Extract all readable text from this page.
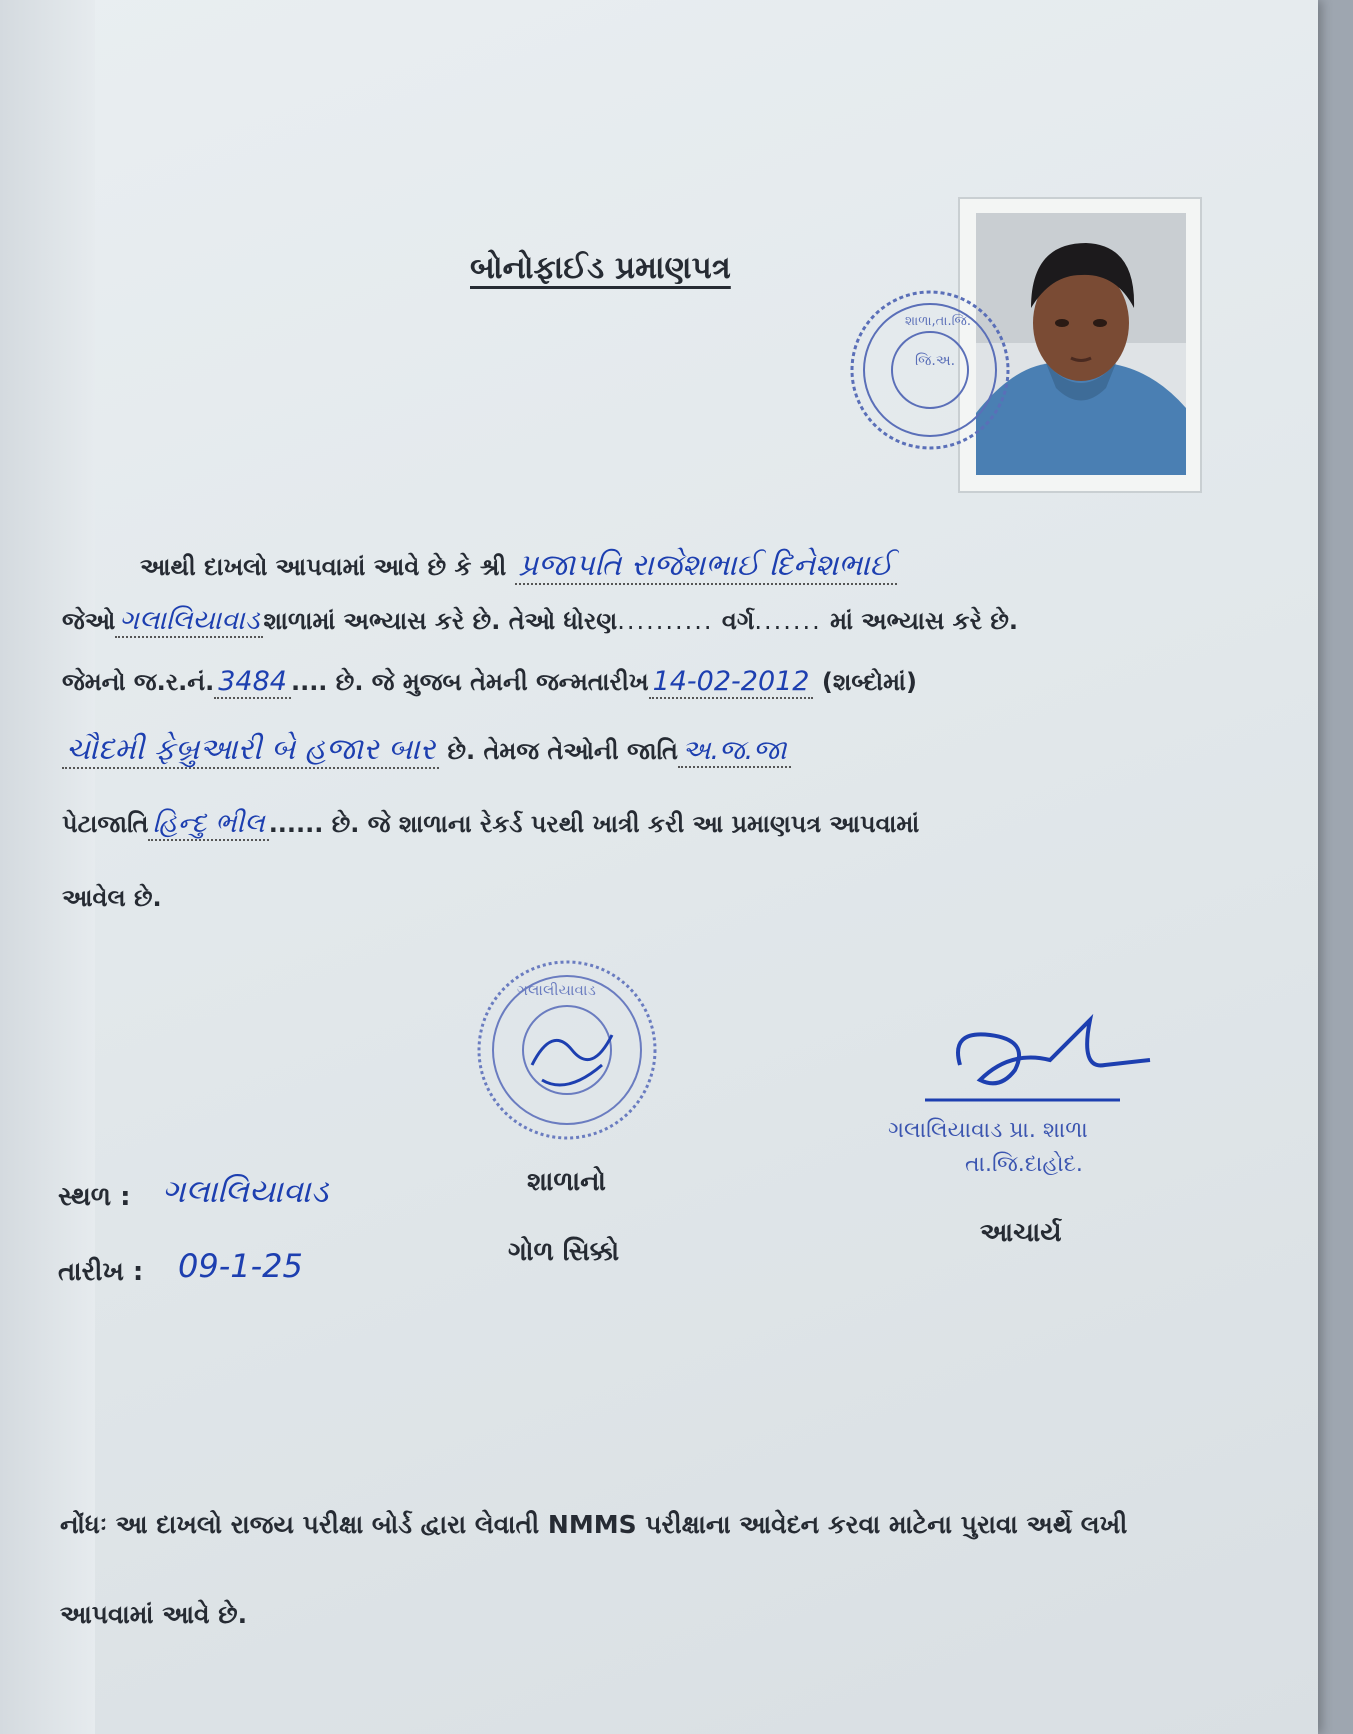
બોનોફાઈડ પ્રમાણપત્ર
જિ.અ.
શાળા,તા.જિ.
આથી દાખલો આપવામાં આવે છે કે શ્રી પ્રજાપતિ રાજેશભાઈ દિનેશભાઈ
જેઓ ગલાલિયાવાડ શાળામાં અભ્યાસ કરે છે. તેઓ ધોરણ.......... વર્ગ....... માં અભ્યાસ કરે છે.
જેમનો જ.ર.નં. 3484 .... છે. જે મુજબ તેમની જન્મતારીખ 14-02-2012 (શબ્દોમાં)
ચૌદમી ફેબ્રુઆરી બે હજાર બાર છે. તેમજ તેઓની જાતિ અ.જ.જા
પેટાજાતિ હિન્દુ ભીલ ...... છે. જે શાળાના રેકર્ડ પરથી ખાત્રી કરી આ પ્રમાણપત્ર આપવામાં
આવેલ છે.
ગલાલીયાવાડ
ગલાલિયાવાડ પ્રા. શાળા
તા.જિ.દાહોદ.
સ્થળ : ગલાલિયાવાડ
તારીખ : 09-1-25
શાળાનો
ગોળ સિક્કો
આચાર્ય
નોંધઃ આ દાખલો રાજય પરીક્ષા બોર્ડ દ્વારા લેવાતી NMMS પરીક્ષાના આવેદન કરવા માટેના પુરાવા અર્થે લખી
આપવામાં આવે છે.
